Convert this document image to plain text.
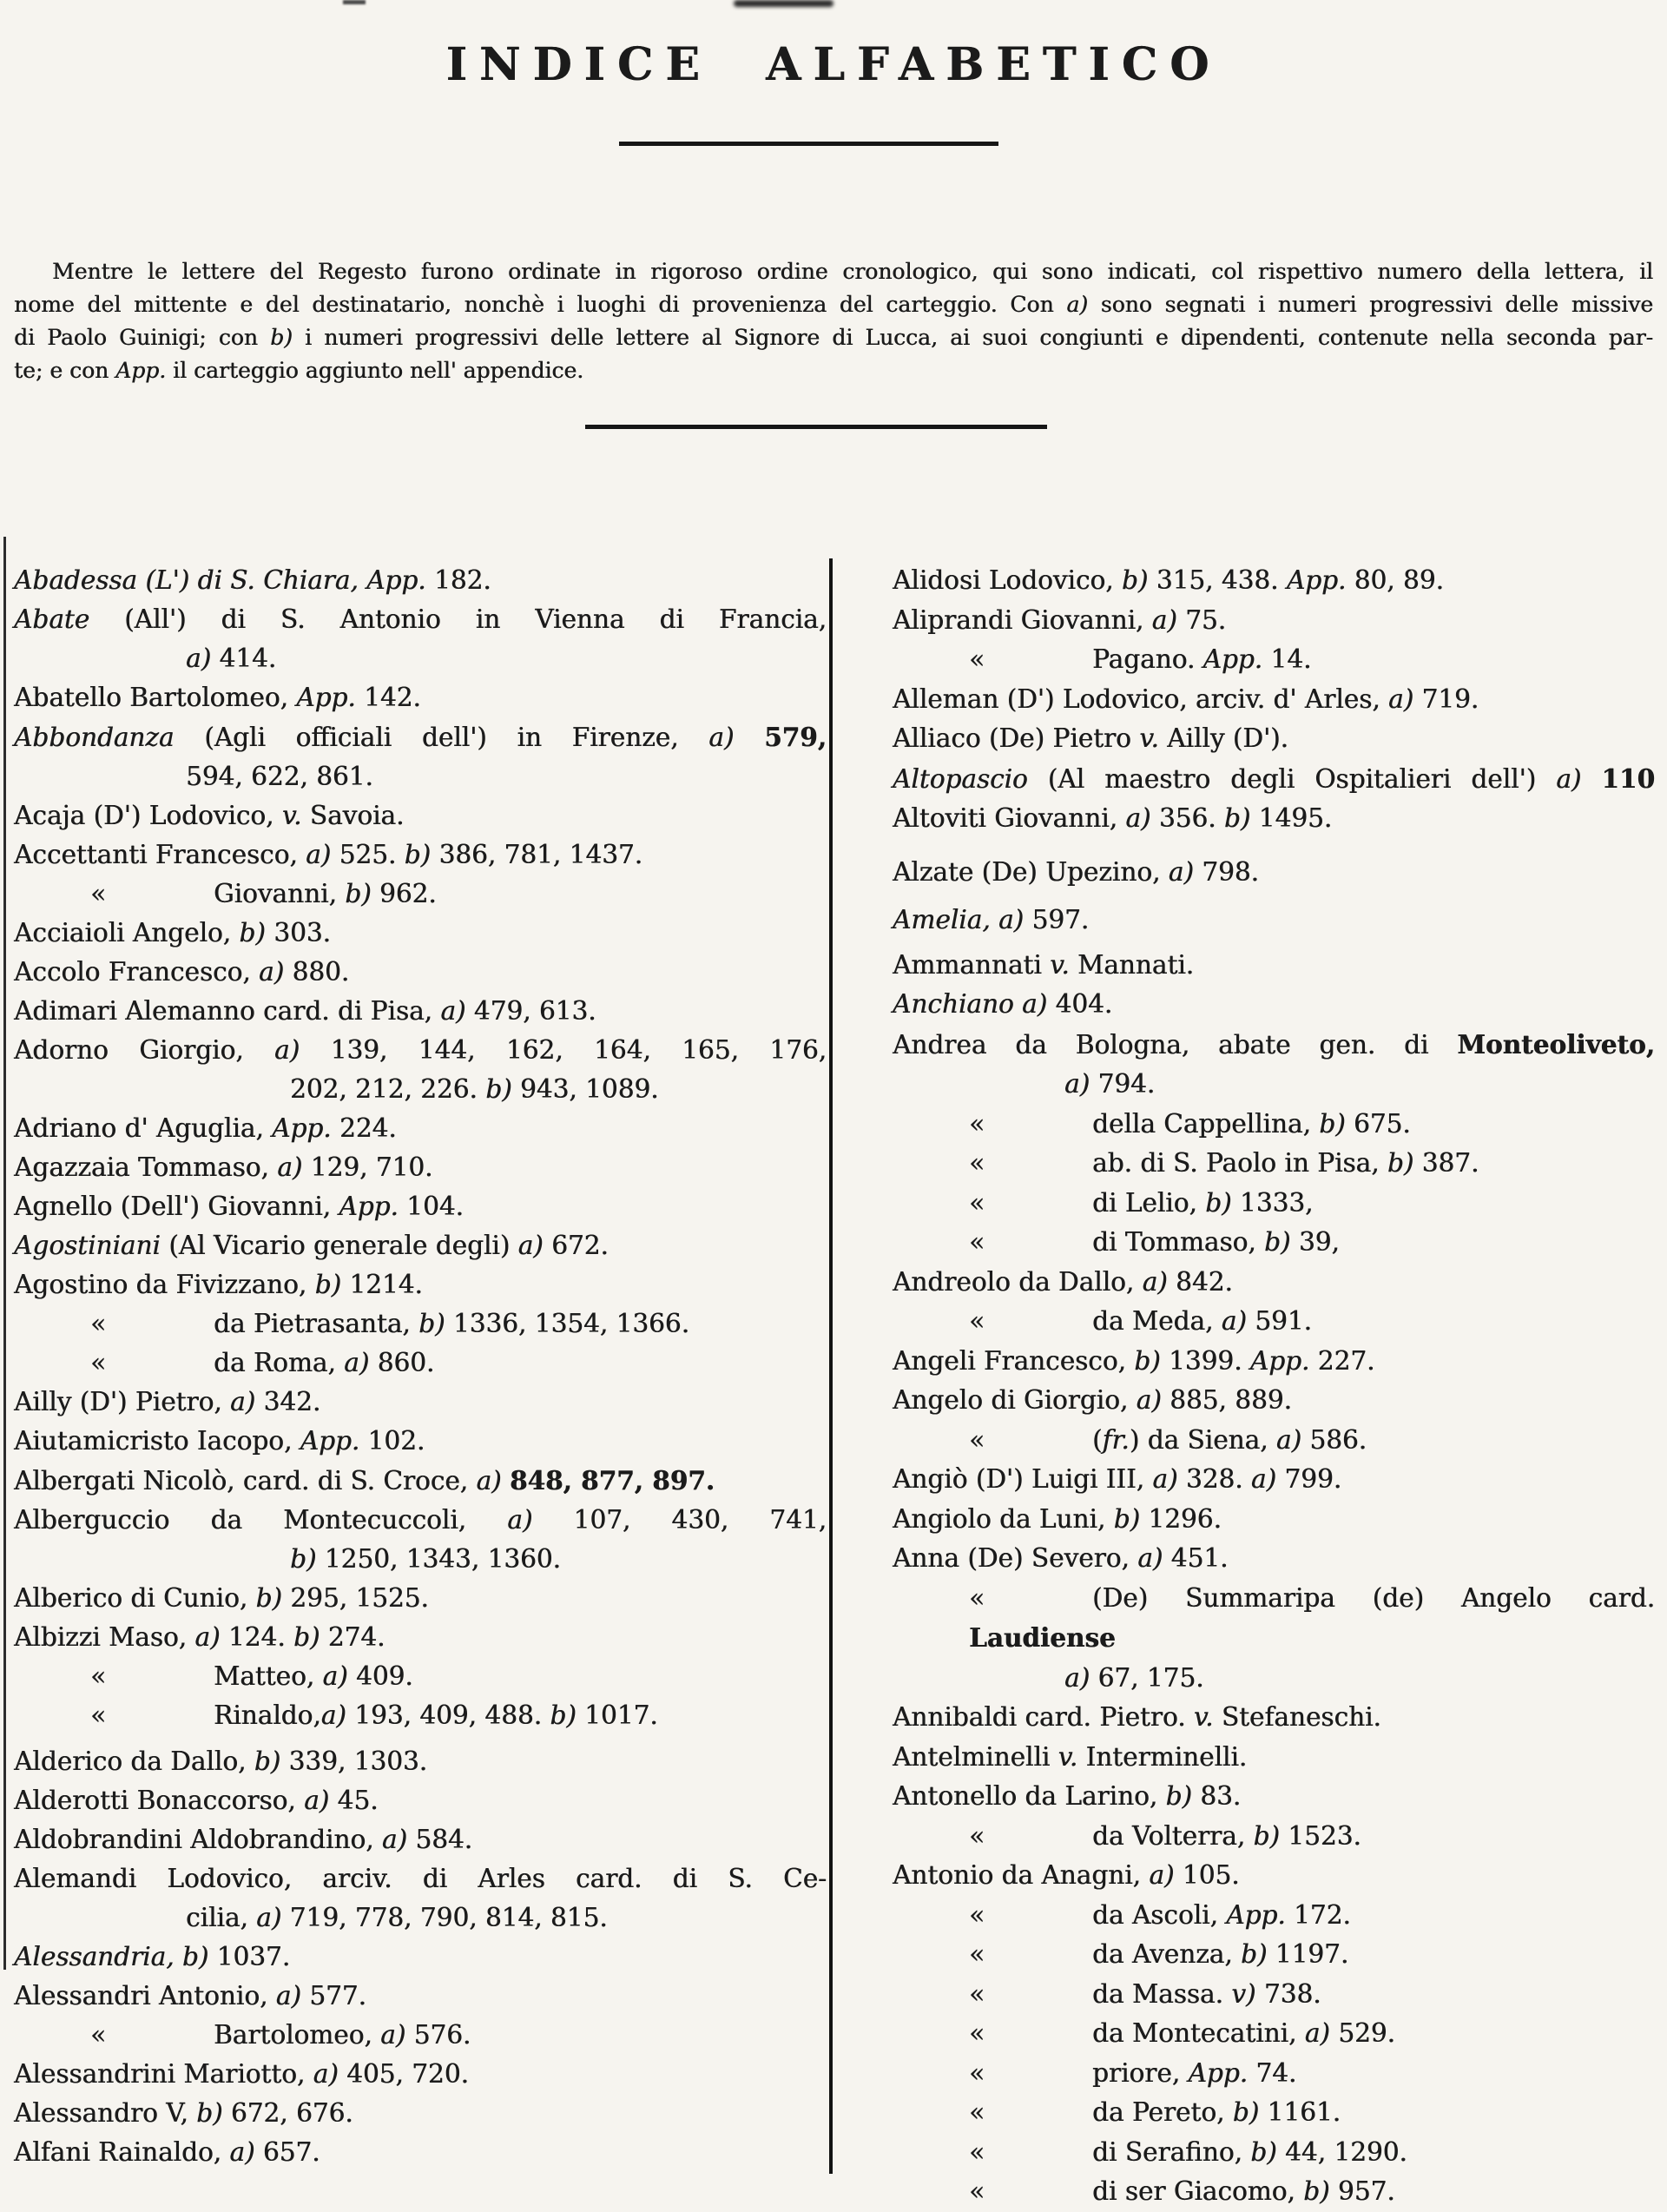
INDICE ALFABETICO
Mentre le lettere del Regesto furono ordinate in rigoroso ordine cronologico, qui sono indicati, col rispettivo numero della lettera, il
nome del mittente e del destinatario, nonchè i luoghi di provenienza del carteggio. Con a) sono segnati i numeri progressivi delle missive
di Paolo Guinigi; con b) i numeri progressivi delle lettere al Signore di Lucca, ai suoi congiunti e dipendenti, contenute nella seconda par-
te; e con App. il carteggio aggiunto nell' appendice.
Abadessa (L') di S. Chiara, App. 182.
Abate (All') di S. Antonio in Vienna di Francia,
a) 414.
Abatello Bartolomeo, App. 142.
Abbondanza (Agli officiali dell') in Firenze, a) 579,
594, 622, 861.
Acaja (D') Lodovico, v. Savoia.
Accettanti Francesco, a) 525. b) 386, 781, 1437.
«	Giovanni, b) 962.
Acciaioli Angelo, b) 303.
Accolo Francesco, a) 880.
Adimari Alemanno card. di Pisa, a) 479, 613.
Adorno Giorgio, a) 139, 144, 162, 164, 165, 176,
202, 212, 226. b) 943, 1089.
Adriano d' Aguglia, App. 224.
Agazzaia Tommaso, a) 129, 710.
Agnello (Dell') Giovanni, App. 104.
Agostiniani (Al Vicario generale degli) a) 672.
Agostino da Fivizzano, b) 1214.
«	da Pietrasanta, b) 1336, 1354, 1366.
«	da Roma, a) 860.
Ailly (D') Pietro, a) 342.
Aiutamicristo Iacopo, App. 102.
Albergati Nicolò, card. di S. Croce, a) 848, 877, 897.
Alberguccio da Montecuccoli, a) 107, 430, 741,
b) 1250, 1343, 1360.
Alberico di Cunio, b) 295, 1525.
Albizzi Maso, a) 124. b) 274.
«	Matteo, a) 409.
«	Rinaldo,a) 193, 409, 488. b) 1017.
Alderico da Dallo, b) 339, 1303.
Alderotti Bonaccorso, a) 45.
Aldobrandini Aldobrandino, a) 584.
Alemandi Lodovico, arciv. di Arles card. di S. Ce-
cilia, a) 719, 778, 790, 814, 815.
Alessandria, b) 1037.
Alessandri Antonio, a) 577.
«	Bartolomeo, a) 576.
Alessandrini Mariotto, a) 405, 720.
Alessandro V, b) 672, 676.
Alfani Rainaldo, a) 657.
Alidosi Lodovico, b) 315, 438. App. 80, 89.
Aliprandi Giovanni, a) 75.
«	Pagano. App. 14.
Alleman (D') Lodovico, arciv. d' Arles, a) 719.
Alliaco (De) Pietro v. Ailly (D').
Altopascio (Al maestro degli Ospitalieri dell') a) 110
Altoviti Giovanni, a) 356. b) 1495.
Alzate (De) Upezino, a) 798.
Amelia, a) 597.
Ammannati v. Mannati.
Anchiano a) 404.
Andrea da Bologna, abate gen. di Monteoliveto,
a) 794.
«	della Cappellina, b) 675.
«	ab. di S. Paolo in Pisa, b) 387.
«	di Lelio, b) 1333,
«	di Tommaso, b) 39,
Andreolo da Dallo, a) 842.
«	da Meda, a) 591.
Angeli Francesco, b) 1399. App. 227.
Angelo di Giorgio, a) 885, 889.
«	(fr.) da Siena, a) 586.
Angiò (D') Luigi III, a) 328. a) 799.
Angiolo da Luni, b) 1296.
Anna (De) Severo, a) 451.
«	(De) Summaripa (de) Angelo card. Laudiense
a) 67, 175.
Annibaldi card. Pietro. v. Stefaneschi.
Antelminelli v. Interminelli.
Antonello da Larino, b) 83.
«	da Volterra, b) 1523.
Antonio da Anagni, a) 105.
«	da Ascoli, App. 172.
«	da Avenza, b) 1197.
«	da Massa. v) 738.
«	da Montecatini, a) 529.
«	priore, App. 74.
«	da Pereto, b) 1161.
«	di Serafino, b) 44, 1290.
«	di ser Giacomo, b) 957.
